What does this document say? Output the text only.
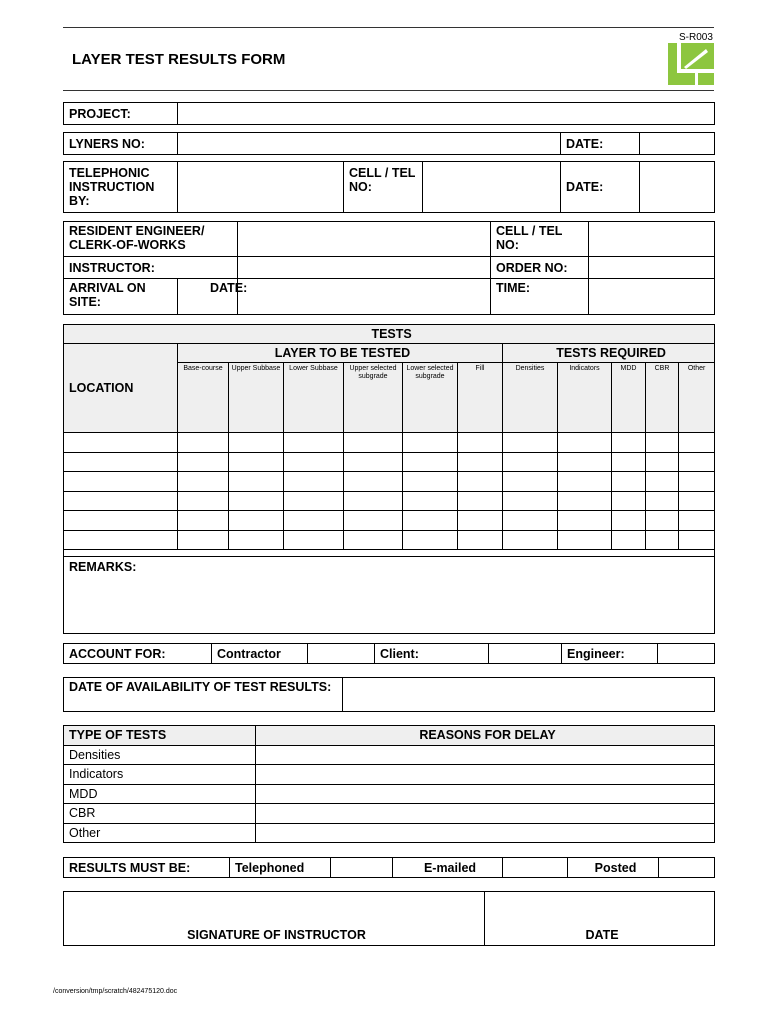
LAYER TEST RESULTS FORM
S-R003
PROJECT:	
LYNERS NO:		DATE:	
TELEPHONIC INSTRUCTION BY:		CELL / TEL NO:		DATE:	
RESIDENT ENGINEER/ CLERK-OF-WORKS			CELL / TEL NO:	
INSTRUCTOR:			ORDER NO:	
ARRIVAL ON SITE:	DATE:		TIME:	
TESTS											
LOCATION	LAYER TO BE TESTED						TESTS REQUIRED				
	Base-course	Upper Subbase	Lower Subbase	Upper selected subgrade	Lower selected subgrade	Fill	Densities	Indicators	MDD	CBR	Other

REMARKS:											
ACCOUNT FOR:	Contractor		Client:		Engineer:	
DATE OF AVAILABILITY OF TEST RESULTS:	
TYPE OF TESTS	REASONS FOR DELAY
Densities	
Indicators	
MDD	
CBR	
Other	
RESULTS MUST BE:	Telephoned		E-mailed		Posted	
SIGNATURE OF INSTRUCTOR	DATE
/conversion/tmp/scratch/482475120.doc
